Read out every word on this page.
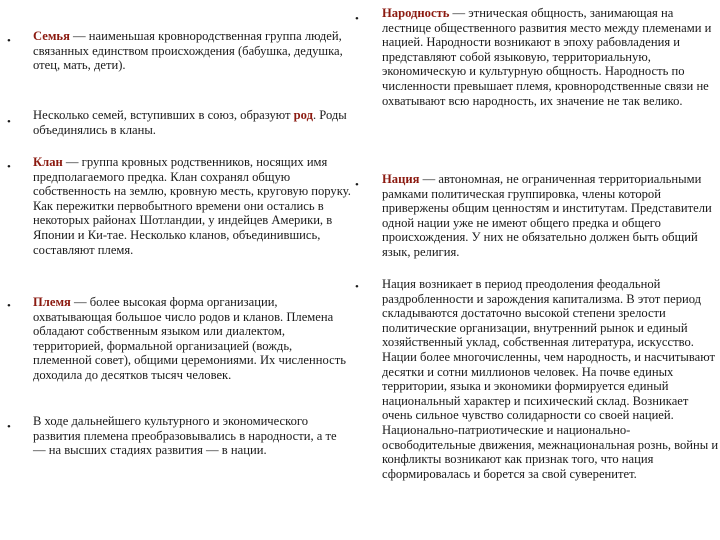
• Семья — наименьшая кровнородственная группа людей, связанных единством происхождения (бабушка, дедушка, отец, мать, дети).
• Несколько семей, вступивших в союз, образуют род. Роды объединялись в кланы.
• Клан — группа кровных родственников, носящих имя предполагаемого предка. Клан сохранял общую собственность на землю, кровную месть, круговую поруку. Как пережитки первобытного времени они остались в некоторых районах Шотландии, у индейцев Америки, в Японии и Ки-тае. Несколько кланов, объединившись, составляют племя.
• Племя — более высокая форма организации, охватывающая большое число родов и кланов. Племена обладают собственным языком или диалектом, территорией, формальной организацией (вождь, племенной совет), общими церемониями. Их численность доходила до десятков тысяч человек.
• В ходе дальнейшего культурного и экономического развития племена преобразовывались в народности, а те — на высших стадиях развития — в нации.
• Народность — этническая общность, занимающая на лестнице общественного развития место между племенами и нацией. Народности возникают в эпоху рабовладения и представляют собой языковую, территориальную, экономическую и культурную общность. Народность по численности превышает племя, кровнородственные связи не охватывают всю народность, их значение не так велико.
• Нация — автономная, не ограниченная территориальными рамками политическая группировка, члены которой привержены общим ценностям и институтам. Представители одной нации уже не имеют общего предка и общего происхождения. У них не обязательно должен быть общий язык, религия.
• Нация возникает в период преодоления феодальной раздробленности и зарождения капитализма. В этот период складываются достаточно высокой степени зрелости политические организации, внутренний рынок и единый хозяйственный уклад, собственная литература, искусство. Нации более многочисленны, чем народность, и насчитывают десятки и сотни миллионов человек. На почве единых территории, языка и экономики формируется единый национальный характер и психический склад. Возникает очень сильное чувство солидарности со своей нацией. Национально-патриотические и национально-освободительные движения, межнациональная рознь, войны и конфликты возникают как признак того, что нация сформировалась и борется за свой суверенитет.
